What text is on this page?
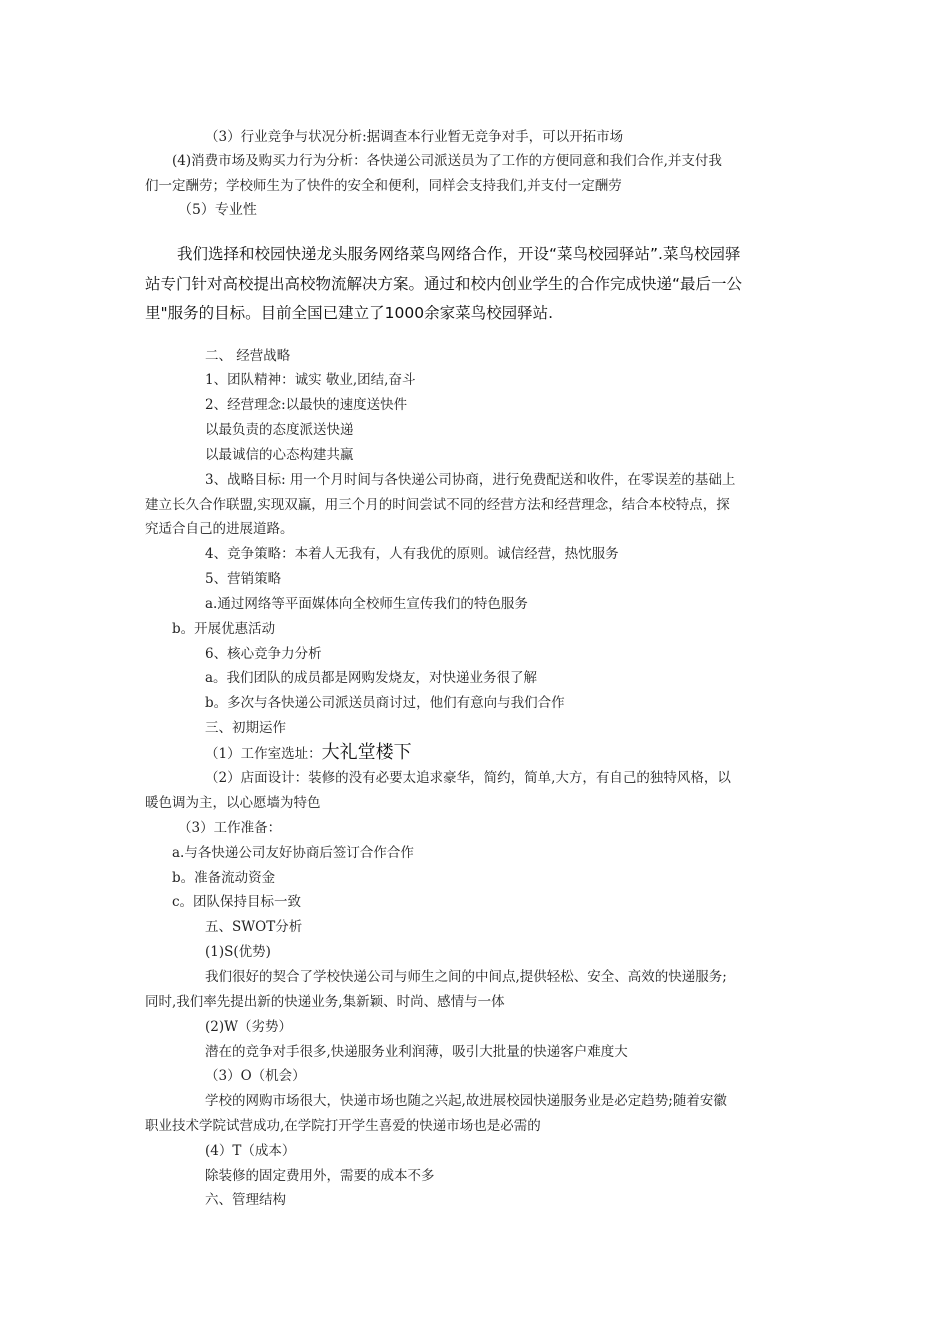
（3）行业竞争与状况分析:据调查本行业暂无竞争对手，可以开拓市场
(4)消费市场及购买力行为分析：各快递公司派送员为了工作的方便同意和我们合作,并支付我
们一定酬劳；学校师生为了快件的安全和便利，同样会支持我们,并支付一定酬劳
（5）专业性
我们选择和校园快递龙头服务网络菜鸟网络合作，开设“菜鸟校园驿站”.菜鸟校园驿
站专门针对高校提出高校物流解决方案。通过和校内创业学生的合作完成快递“最后一公
里"服务的目标。目前全国已建立了1000余家菜鸟校园驿站.
二、 经营战略
1、团队精神：诚实 敬业,团结,奋斗
2、经营理念:以最快的速度送快件
以最负责的态度派送快递
以最诚信的心态构建共赢
3、战略目标: 用一个月时间与各快递公司协商，进行免费配送和收件，在零误差的基础上
建立长久合作联盟,实现双赢，用三个月的时间尝试不同的经营方法和经营理念，结合本校特点，探
究适合自己的进展道路。
4、竞争策略：本着人无我有，人有我优的原则。诚信经营，热忱服务
5、营销策略
a.通过网络等平面媒体向全校师生宣传我们的特色服务
b。开展优惠活动
6、核心竞争力分析
a。我们团队的成员都是网购发烧友，对快递业务很了解
b。多次与各快递公司派送员商讨过，他们有意向与我们合作
三、初期运作
（1）工作室选址：大礼堂楼下
（2）店面设计：装修的没有必要太追求豪华，简约，简单,大方，有自己的独特风格，以
暖色调为主，以心愿墙为特色
（3）工作准备：
a.与各快递公司友好协商后签订合作合作
b。准备流动资金
c。团队保持目标一致
五、SWOT分析
(1)S(优势)
我们很好的契合了学校快递公司与师生之间的中间点,提供轻松、安全、高效的快递服务;
同时,我们率先提出新的快递业务,集新颖、时尚、感情与一体
(2)W（劣势）
潜在的竞争对手很多,快递服务业利润薄，吸引大批量的快递客户难度大
（3）O（机会）
学校的网购市场很大，快递市场也随之兴起,故进展校园快递服务业是必定趋势;随着安徽
职业技术学院试营成功,在学院打开学生喜爱的快递市场也是必需的
(4）T（成本）
除装修的固定费用外，需要的成本不多
六、管理结构
